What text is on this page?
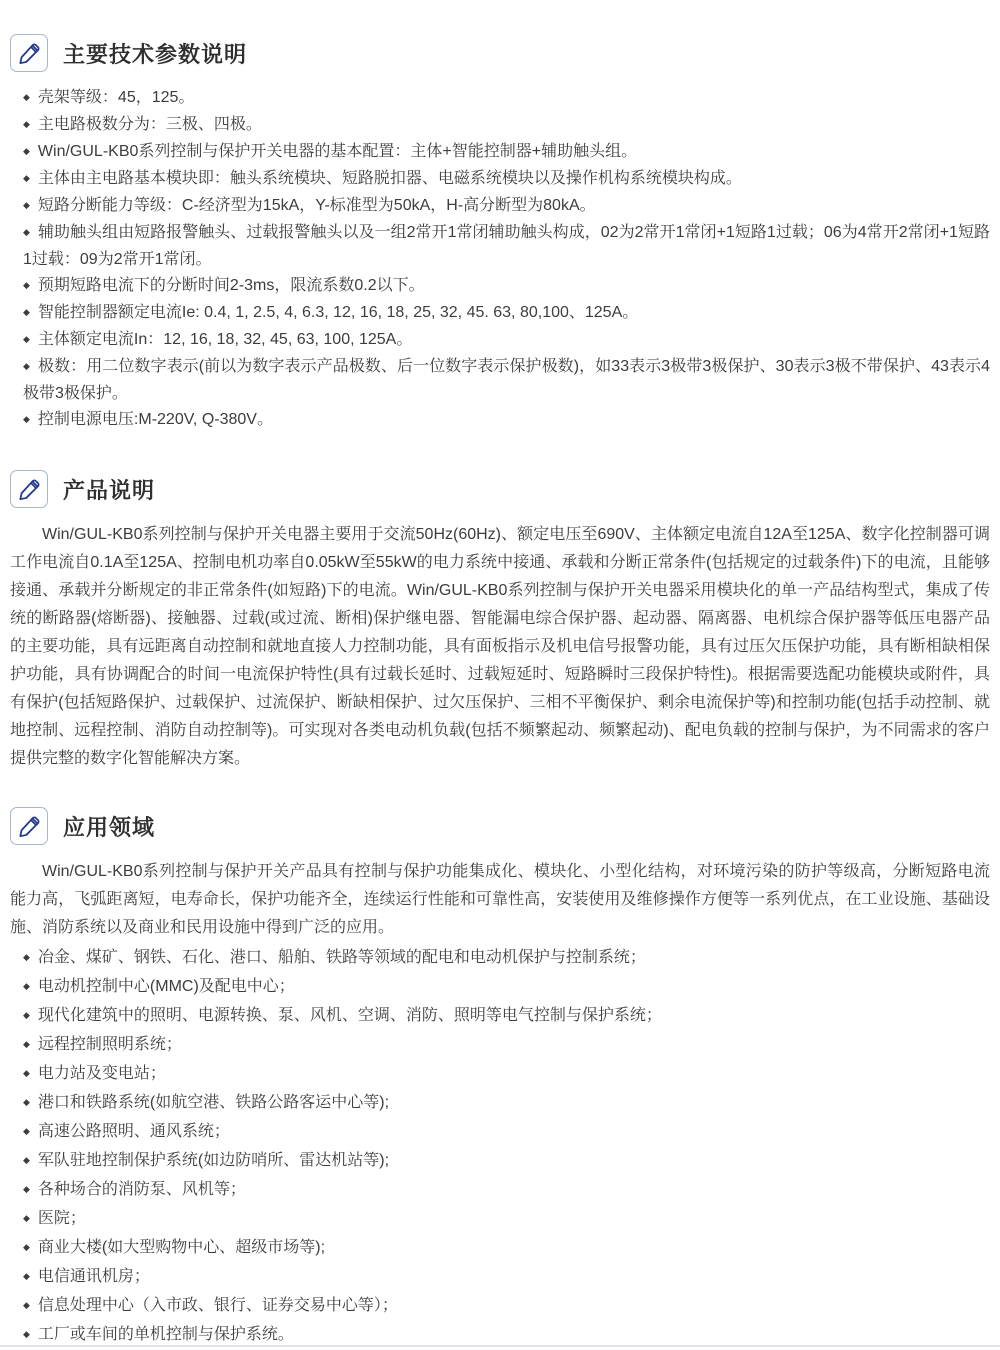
主要技术参数说明
◆ 壳架等级：45，125。
◆ 主电路极数分为：三极、四极。
◆ Win/GUL-KB0系列控制与保护开关电器的基本配置：主体+智能控制器+辅助触头组。
◆ 主体由主电路基本模块即：触头系统模块、短路脱扣器、电磁系统模块以及操作机构系统模块构成。
◆ 短路分断能力等级：C-经济型为15kA，Y-标准型为50kA，H-高分断型为80kA。
◆ 辅助触头组由短路报警触头、过载报警触头以及一组2常开1常闭辅助触头构成，02为2常开1常闭+1短路1过载；06为4常开2常闭+1短路1过载：09为2常开1常闭。
◆ 预期短路电流下的分断时间2-3ms，限流系数0.2以下。
◆ 智能控制器额定电流Ie: 0.4, 1, 2.5, 4, 6.3, 12, 16, 18, 25, 32, 45. 63, 80,100、125A。
◆ 主体额定电流In：12, 16, 18, 32, 45, 63, 100, 125A。
◆ 极数：用二位数字表示(前以为数字表示产品极数、后一位数字表示保护极数)，如33表示3极带3极保护、30表示3极不带保护、43表示4极带3极保护。
◆ 控制电源电压:M-220V, Q-380V。
产品说明

Win/GUL-KB0系列控制与保护开关电器主要用于交流50Hz(60Hz)、额定电压至690V、主体额定电流自12A至125A、数字化控制器可调工作电流自0.1A至125A、控制电机功率自0.05kW至55kW的电力系统中接通、承载和分断正常条件(包括规定的过载条件)下的电流，且能够接通、承载并分断规定的非正常条件(如短路)下的电流。Win/GUL-KB0系列控制与保护开关电器采用模块化的单一产品结构型式，集成了传统的断路器(熔断器)、接触器、过载(或过流、断相)保护继电器、智能漏电综合保护器、起动器、隔离器、电机综合保护器等低压电器产品的主要功能，具有远距离自动控制和就地直接人力控制功能，具有面板指示及机电信号报警功能，具有过压欠压保护功能，具有断相缺相保护功能，具有协调配合的时间一电流保护特性(具有过载长延时、过载短延时、短路瞬时三段保护特性)。根据需要选配功能模块或附件，具有保护(包括短路保护、过载保护、过流保护、断缺相保护、过欠压保护、三相不平衡保护、剩余电流保护等)和控制功能(包括手动控制、就地控制、远程控制、消防自动控制等)。可实现对各类电动机负载(包括不频繁起动、频繁起动)、配电负载的控制与保护，为不同需求的客户提供完整的数字化智能解决方案。

应用领域

Win/GUL-KB0系列控制与保护开关产品具有控制与保护功能集成化、模块化、小型化结构，对环境污染的防护等级高，分断短路电流能力高，飞弧距离短，电寿命长，保护功能齐全，连续运行性能和可靠性高，安装使用及维修操作方便等一系列优点，在工业设施、基础设施、消防系统以及商业和民用设施中得到广泛的应用。

◆ 冶金、煤矿、钢铁、石化、港口、船舶、铁路等领域的配电和电动机保护与控制系统；
◆ 电动机控制中心(MMC)及配电中心；
◆ 现代化建筑中的照明、电源转换、泵、风机、空调、消防、照明等电气控制与保护系统；
◆ 远程控制照明系统；
◆ 电力站及变电站；
◆ 港口和铁路系统(如航空港、铁路公路客运中心等);
◆ 高速公路照明、通风系统；
◆ 军队驻地控制保护系统(如边防哨所、雷达机站等);
◆ 各种场合的消防泵、风机等；
◆ 医院；
◆ 商业大楼(如大型购物中心、超级市场等);
◆ 电信通讯机房；
◆ 信息处理中心（入市政、银行、证券交易中心等）；
◆ 工厂或车间的单机控制与保护系统。
